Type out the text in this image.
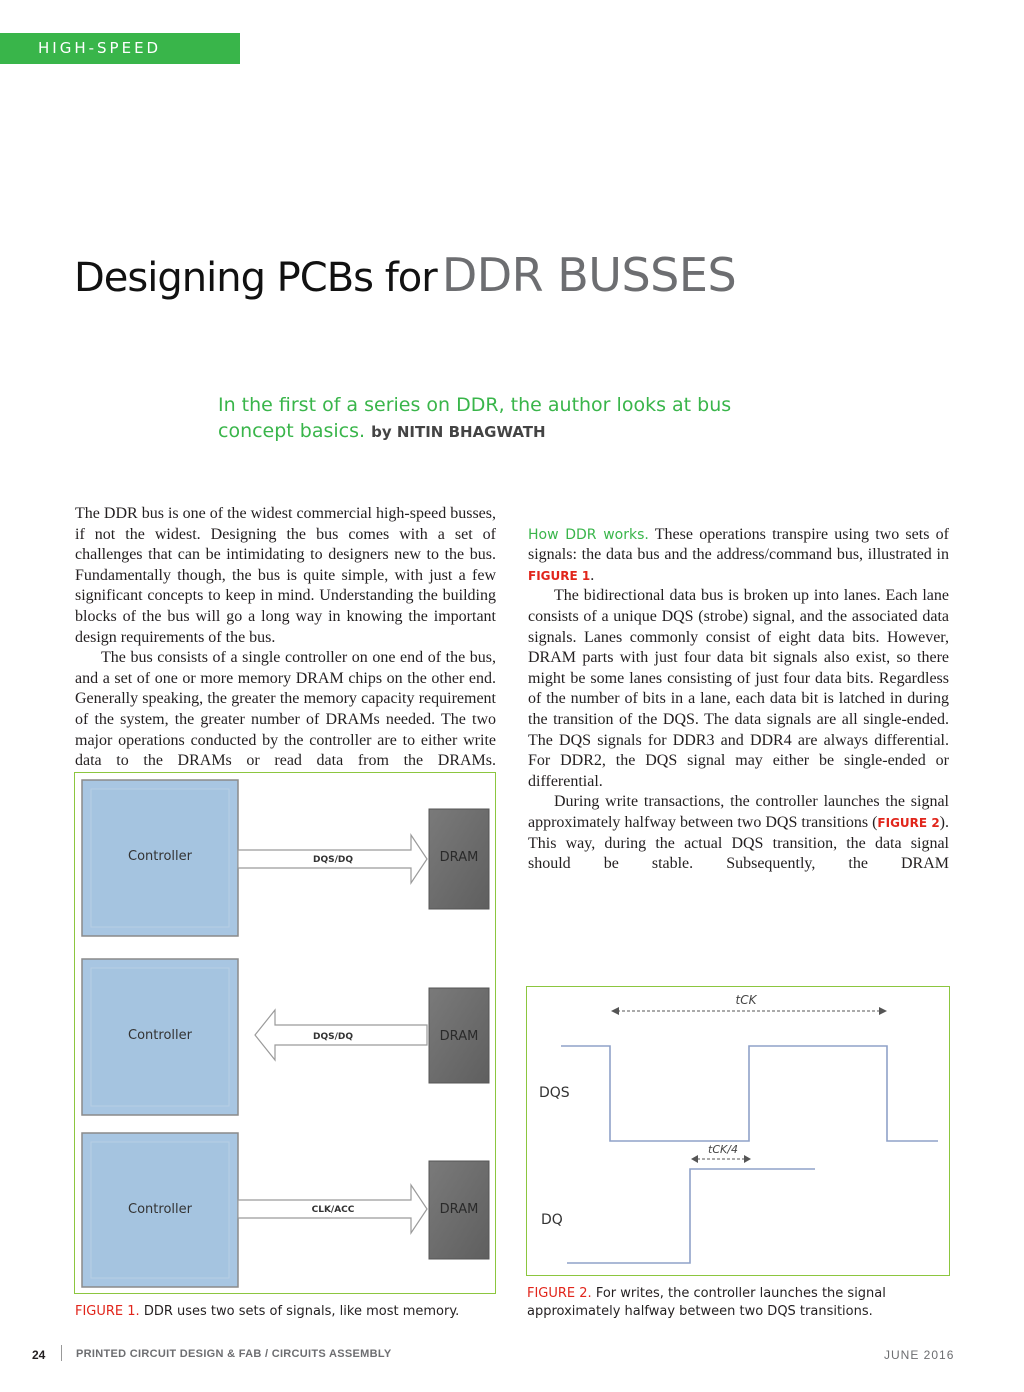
HIGH-SPEED DESIGN
Designing PCBs for DDR BUSSES
In the first of a series on DDR, the author looks at bus concept basics. by NITIN BHAGWATH

The DDR bus is one of the widest commercial high-speed busses, if not the widest. Designing the bus comes with a set of challenges that can be intimidating to designers new to the bus. Fundamentally though, the bus is quite simple, with just a few significant concepts to keep in mind. Understanding the building blocks of the bus will go a long way in knowing the important design requirements of the bus.

The bus consists of a single controller on one end of the bus, and a set of one or more memory DRAM chips on the other end. Generally speaking, the greater the memory capacity requirement of the system, the greater number of DRAMs needed. The two major operations conducted by the controller are to either write data to the DRAMs or read data from the DRAMs.

How DDR works. These operations transpire using two sets of signals: the data bus and the address/command bus, illustrated in FIGURE 1.

The bidirectional data bus is broken up into lanes. Each lane consists of a unique DQS (strobe) signal, and the associated data signals. Lanes commonly consist of eight data bits. However, DRAM parts with just four data bit signals also exist, so there might be some lanes consisting of just four data bits. Regardless of the number of bits in a lane, each data bit is latched in during the transition of the DQS. The data signals are all single-ended. The DQS signals for DDR3 and DDR4 are always differential. For DDR2, the DQS signal may either be single-ended or differential.

During write transactions, the controller launches the signal approximately halfway between two DQS transitions (FIGURE 2). This way, during the actual DQS transition, the data signal should be stable. Subsequently, the DRAM

Controller	DQS/DQ	DRAM
Controller	DQS/DQ	DRAM
Controller	CLK/ACC	DRAM
FIGURE 1. DDR uses two sets of signals, like most memory.
tCK
DQS
tCK/4
DQ
FIGURE 2. For writes, the controller launches the signal approximately halfway between two DQS transitions.
24	PRINTED CIRCUIT DESIGN & FAB / CIRCUITS ASSEMBLY	JUNE 2016
